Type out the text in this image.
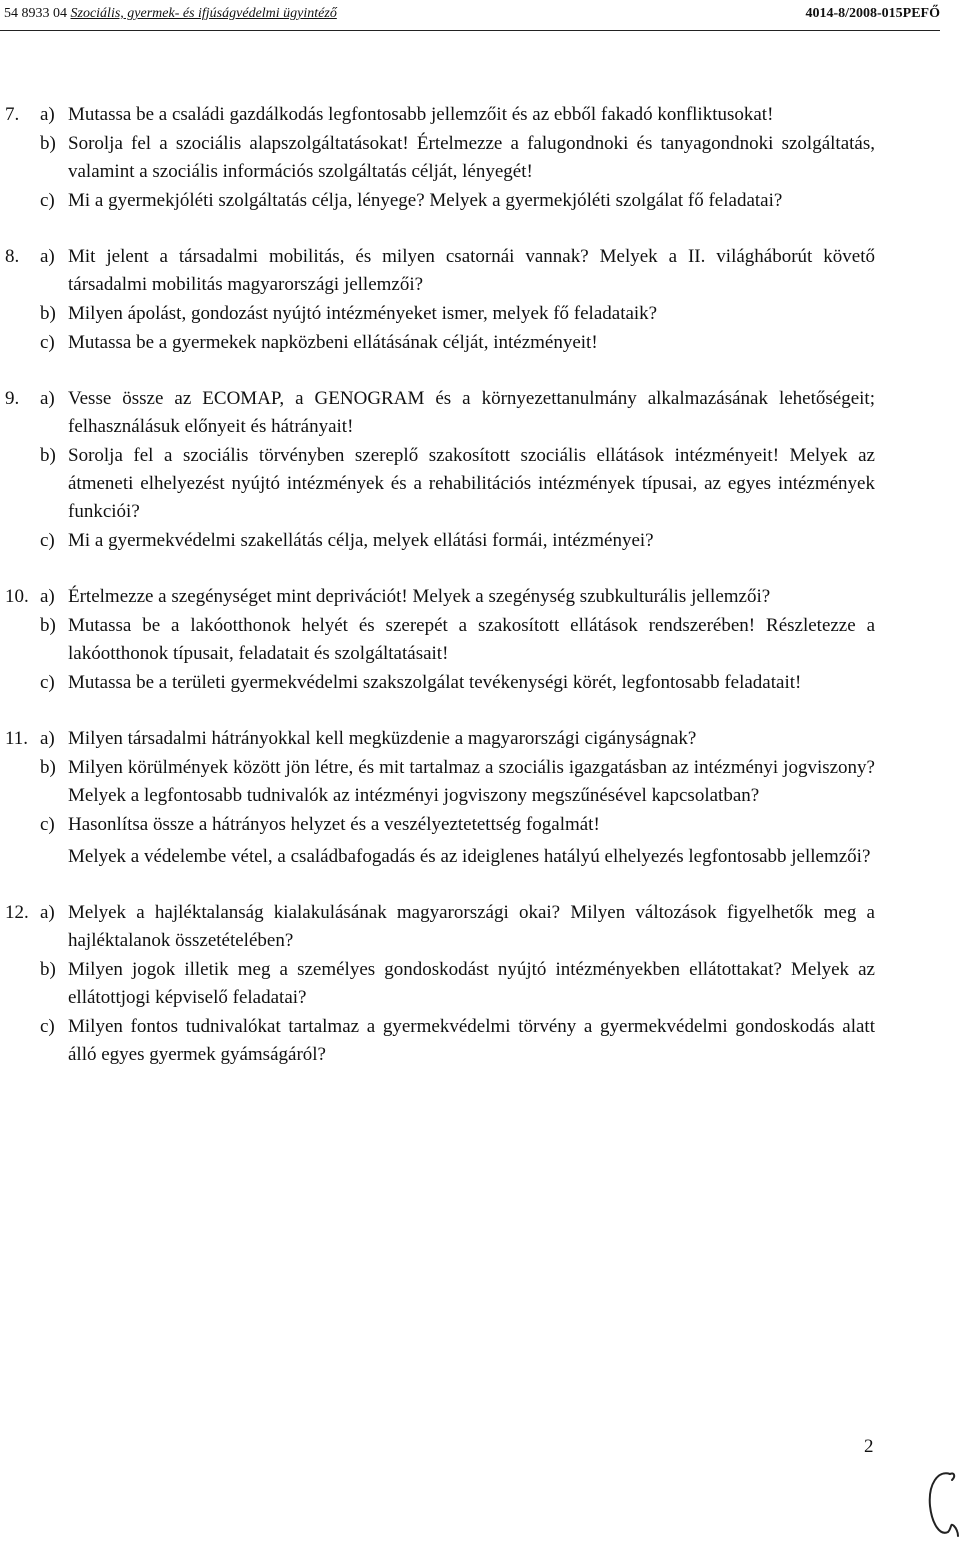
54 8933 04 Szociális, gyermek- és ifjúságvédelmi ügyintéző	4014-8/2008-015PEFŐ
7. a) Mutassa be a családi gazdálkodás legfontosabb jellemzőit és az ebből fakadó konfliktusokat!
b) Sorolja fel a szociális alapszolgáltatásokat! Értelmezze a falugondnoki és tanyagondnoki szolgáltatás, valamint a szociális információs szolgáltatás célját, lényegét!
c) Mi a gyermekjóléti szolgáltatás célja, lényege? Melyek a gyermekjóléti szolgálat fő feladatai?
8. a) Mit jelent a társadalmi mobilitás, és milyen csatornái vannak? Melyek a II. világháborút követő társadalmi mobilitás magyarországi jellemzői?
b) Milyen ápolást, gondozást nyújtó intézményeket ismer, melyek fő feladataik?
c) Mutassa be a gyermekek napközbeni ellátásának célját, intézményeit!
9. a) Vesse össze az ECOMAP, a GENOGRAM és a környezettanulmány alkalmazásának lehetőségeit; felhasználásuk előnyeit és hátrányait!
b) Sorolja fel a szociális törvényben szereplő szakosított szociális ellátások intézményeit! Melyek az átmeneti elhelyezést nyújtó intézmények és a rehabilitációs intézmények típusai, az egyes intézmények funkciói?
c) Mi a gyermekvédelmi szakellátás célja, melyek ellátási formái, intézményei?
10. a) Értelmezze a szegénységet mint deprivációt! Melyek a szegénység szubkulturális jellemzői?
b) Mutassa be a lakóotthonok helyét és szerepét a szakosított ellátások rendszerében! Részletezze a lakóotthonok típusait, feladatait és szolgáltatásait!
c) Mutassa be a területi gyermekvédelmi szakszolgálat tevékenységi körét, legfontosabb feladatait!
11. a) Milyen társadalmi hátrányokkal kell megküzdenie a magyarországi cigányságnak?
b) Milyen körülmények között jön létre, és mit tartalmaz a szociális igazgatásban az intézményi jogviszony? Melyek a legfontosabb tudnivalók az intézményi jogviszony megszűnésével kapcsolatban?
c) Hasonlítsa össze a hátrányos helyzet és a veszélyeztetettség fogalmát!
Melyek a védelembe vétel, a családbafogadás és az ideiglenes hatályú elhelyezés legfontosabb jellemzői?
12. a) Melyek a hajléktalanság kialakulásának magyarországi okai? Milyen változások figyelhetők meg a hajléktalanok összetételében?
b) Milyen jogok illetik meg a személyes gondoskodást nyújtó intézményekben ellátottakat? Melyek az ellátottjogi képviselő feladatai?
c) Milyen fontos tudnivalókat tartalmaz a gyermekvédelmi törvény a gyermekvédelmi gondoskodás alatt álló egyes gyermek gyámságáról?
2
